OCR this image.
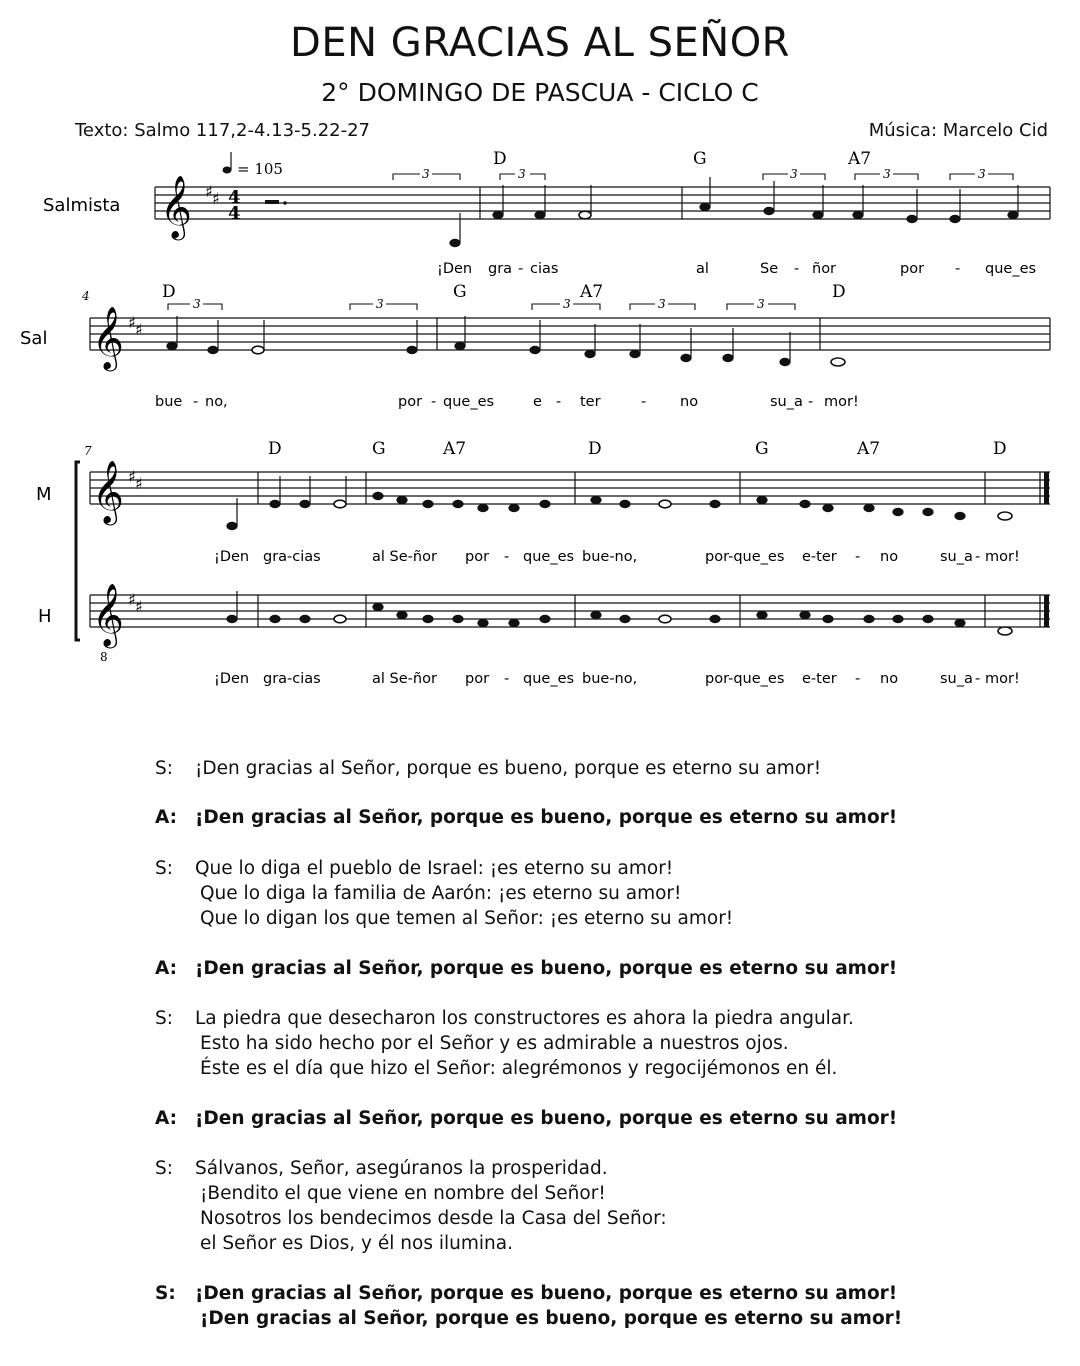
DEN GRACIAS AL SEÑOR
2° DOMINGO DE PASCUA - CICLO C
Texto: Salmo 117,2-4.13-5.22-27	Música: Marcelo Cid
Salmista 𝄞 ♯ ♯ 4
4
= 105	D	G	A7
3	3	3	3	3
¡Den gra - cias	al	Se - ñor	por - que_es
Sal
4
𝄞 ♯ ♯
D	G	A7	D
3	3	3	3	3
bue - no,	por - que_es	e - ter	- no	su_a - mor!
7
M
H
𝄞
𝄞
8
♯ ♯
♯ ♯
D	G	A7	D	G	A7	D
¡Den gra-cias	al Se-ñor por - que_es bue-no,	por-que_es e-ter - no	su_a - mor!
¡Den gra-cias	al Se-ñor por - que_es bue-no,	por-que_es e-ter - no	su_a - mor!
S: ¡Den gracias al Señor, porque es bueno, porque es eterno su amor!
A: ¡Den gracias al Señor, porque es bueno, porque es eterno su amor!
S: Que lo diga el pueblo de Israel: ¡es eterno su amor!
Que lo diga la familia de Aarón: ¡es eterno su amor!
Que lo digan los que temen al Señor: ¡es eterno su amor!
A: ¡Den gracias al Señor, porque es bueno, porque es eterno su amor!
S: La piedra que desecharon los constructores es ahora la piedra angular.
Esto ha sido hecho por el Señor y es admirable a nuestros ojos.
Éste es el día que hizo el Señor: alegrémonos y regocijémonos en él.
A: ¡Den gracias al Señor, porque es bueno, porque es eterno su amor!
S: Sálvanos, Señor, asegúranos la prosperidad.
¡Bendito el que viene en nombre del Señor!
Nosotros los bendecimos desde la Casa del Señor:
el Señor es Dios, y él nos ilumina.
S: ¡Den gracias al Señor, porque es bueno, porque es eterno su amor!
¡Den gracias al Señor, porque es bueno, porque es eterno su amor!
